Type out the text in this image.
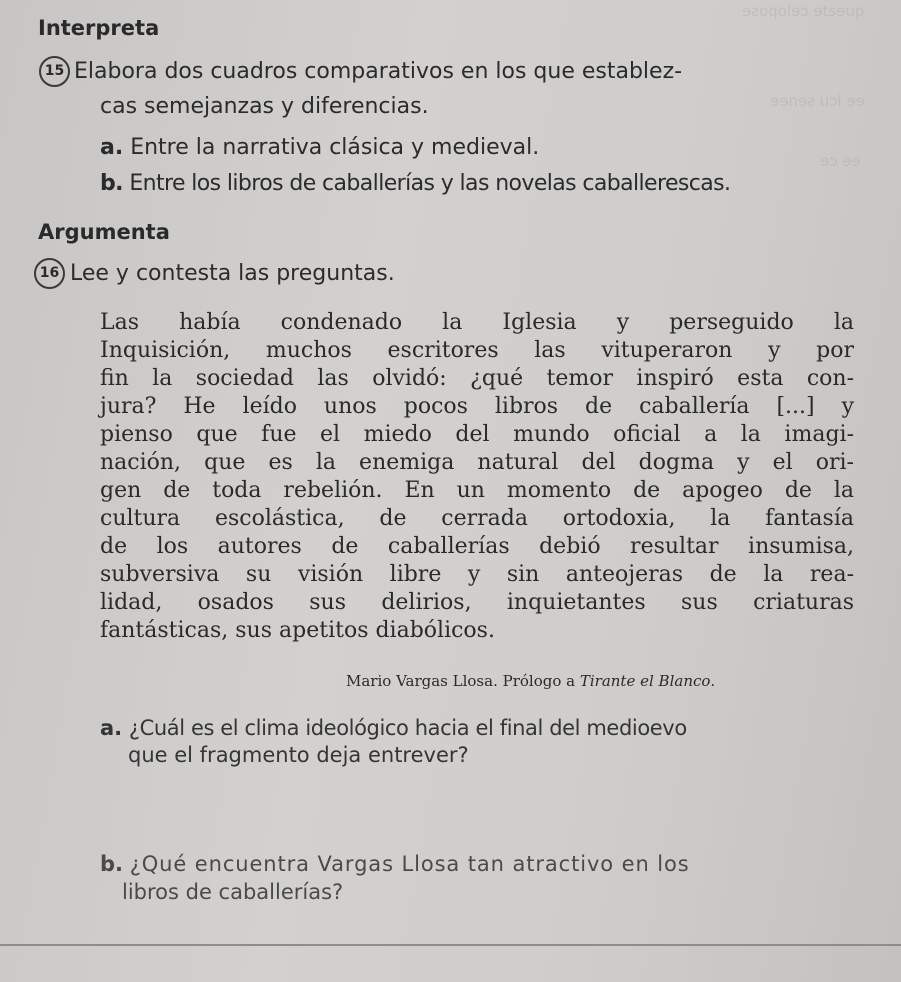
ɘƨoqolɘɔ ɘtsɘup
ɘɘnɘƨ uɔl ɘɘ
ɘɔ ɘɘ
Interpreta
15 Elabora dos cuadros comparativos en los que establez-
cas semejanzas y diferencias.
a. Entre la narrativa clásica y medieval.
b. Entre los libros de caballerías y las novelas caballerescas.
Argumenta
16 Lee y contesta las preguntas.
Las había condenado la Iglesia y perseguido la
Inquisición, muchos escritores las vituperaron y por
fin la sociedad las olvidó: ¿qué temor inspiró esta con-
jura? He leído unos pocos libros de caballería [...] y
pienso que fue el miedo del mundo oficial a la imagi-
nación, que es la enemiga natural del dogma y el ori-
gen de toda rebelión. En un momento de apogeo de la
cultura escolástica, de cerrada ortodoxia, la fantasía
de los autores de caballerías debió resultar insumisa,
subversiva su visión libre y sin anteojeras de la rea-
lidad, osados sus delirios, inquietantes sus criaturas
fantásticas, sus apetitos diabólicos.
Mario Vargas Llosa. Prólogo a Tirante el Blanco.
a. ¿Cuál es el clima ideológico hacia el final del medioevo
que el fragmento deja entrever?
b. ¿Qué encuentra Vargas Llosa tan atractivo en los
libros de caballerías?
